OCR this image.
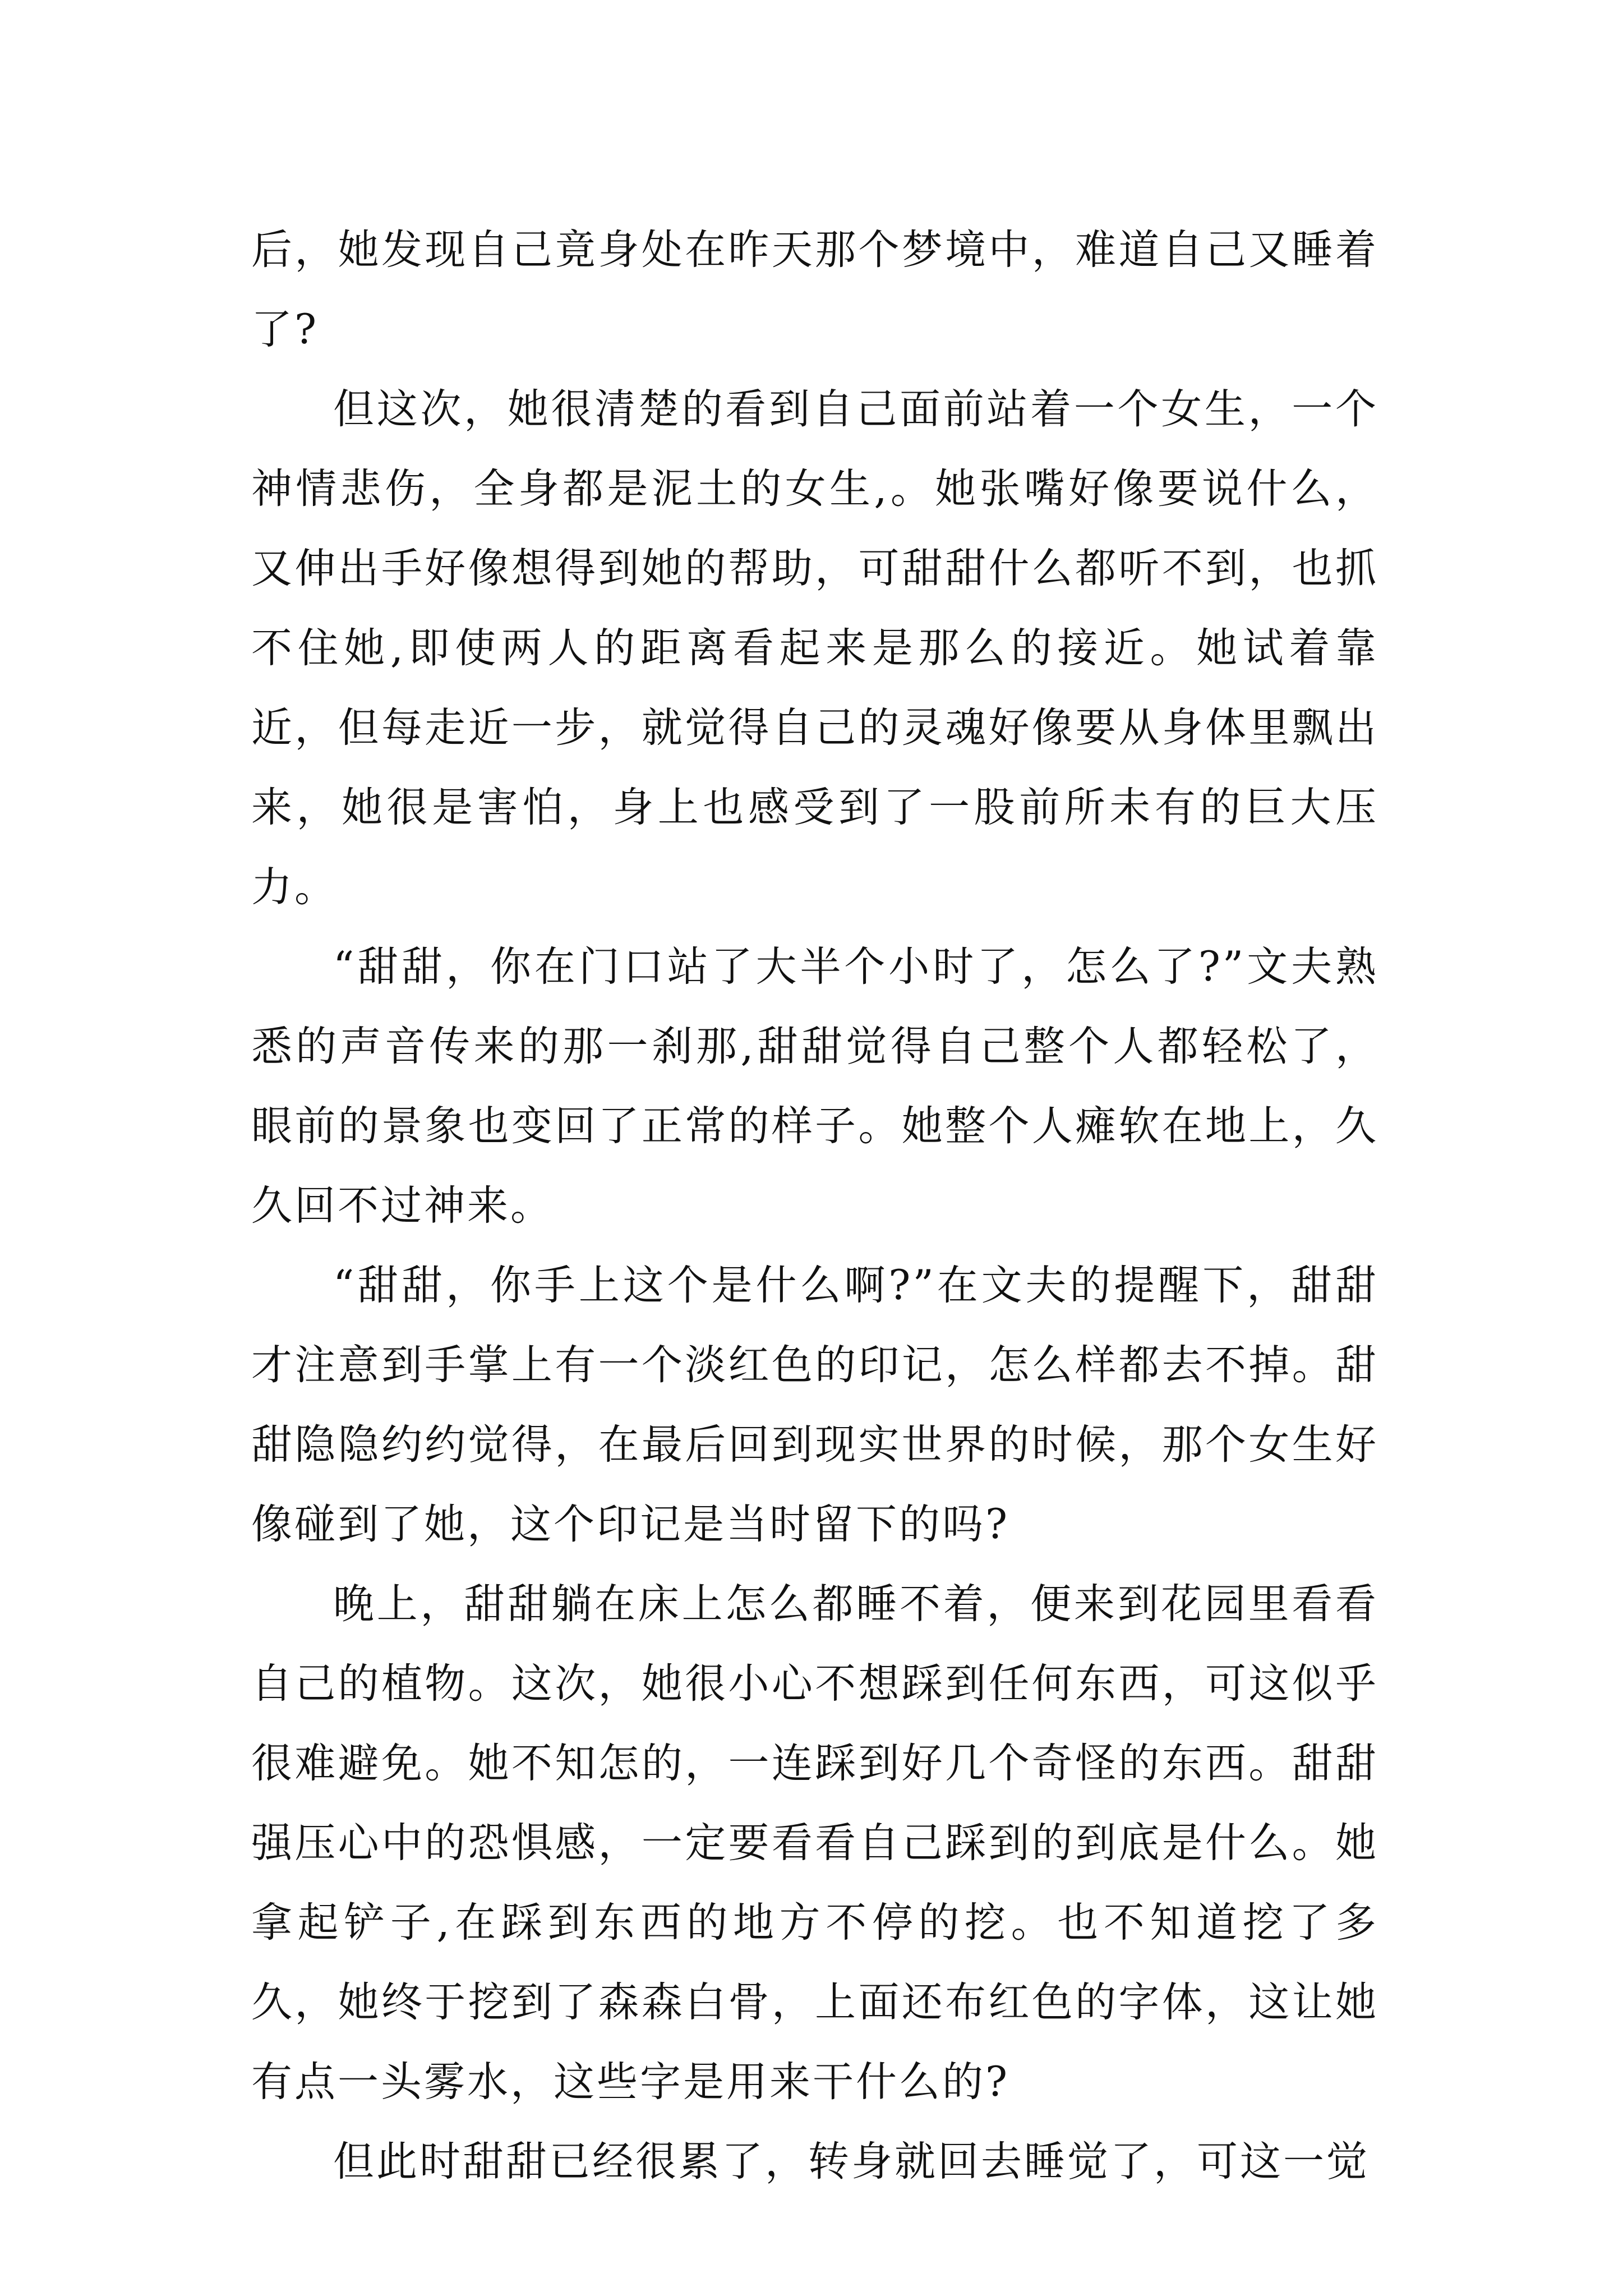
后，她发现自己竟身处在昨天那个梦境中，难道自己又睡着了?

但这次，她很清楚的看到自己面前站着一个女生，一个神情悲伤，全身都是泥土的女生,。她张嘴好像要说什么，又伸出手好像想得到她的帮助，可甜甜什么都听不到，也抓不住她,即使两人的距离看起来是那么的接近。她试着靠近，但每走近一步，就觉得自己的灵魂好像要从身体里飘出来，她很是害怕，身上也感受到了一股前所未有的巨大压力。

“甜甜，你在门口站了大半个小时了，怎么了?”文夫熟悉的声音传来的那一刹那,甜甜觉得自己整个人都轻松了，眼前的景象也变回了正常的样子。她整个人瘫软在地上，久久回不过神来。

“甜甜，你手上这个是什么啊?”在文夫的提醒下，甜甜才注意到手掌上有一个淡红色的印记，怎么样都去不掉。甜甜隐隐约约觉得，在最后回到现实世界的时候，那个女生好像碰到了她，这个印记是当时留下的吗?

晚上，甜甜躺在床上怎么都睡不着，便来到花园里看看自己的植物。这次，她很小心不想踩到任何东西，可这似乎很难避免。她不知怎的，一连踩到好几个奇怪的东西。甜甜强压心中的恐惧感，一定要看看自己踩到的到底是什么。她拿起铲子,在踩到东西的地方不停的挖。也不知道挖了多久，她终于挖到了森森白骨，上面还布红色的字体，这让她有点一头雾水，这些字是用来干什么的?

但此时甜甜已经很累了，转身就回去睡觉了，可这一觉
